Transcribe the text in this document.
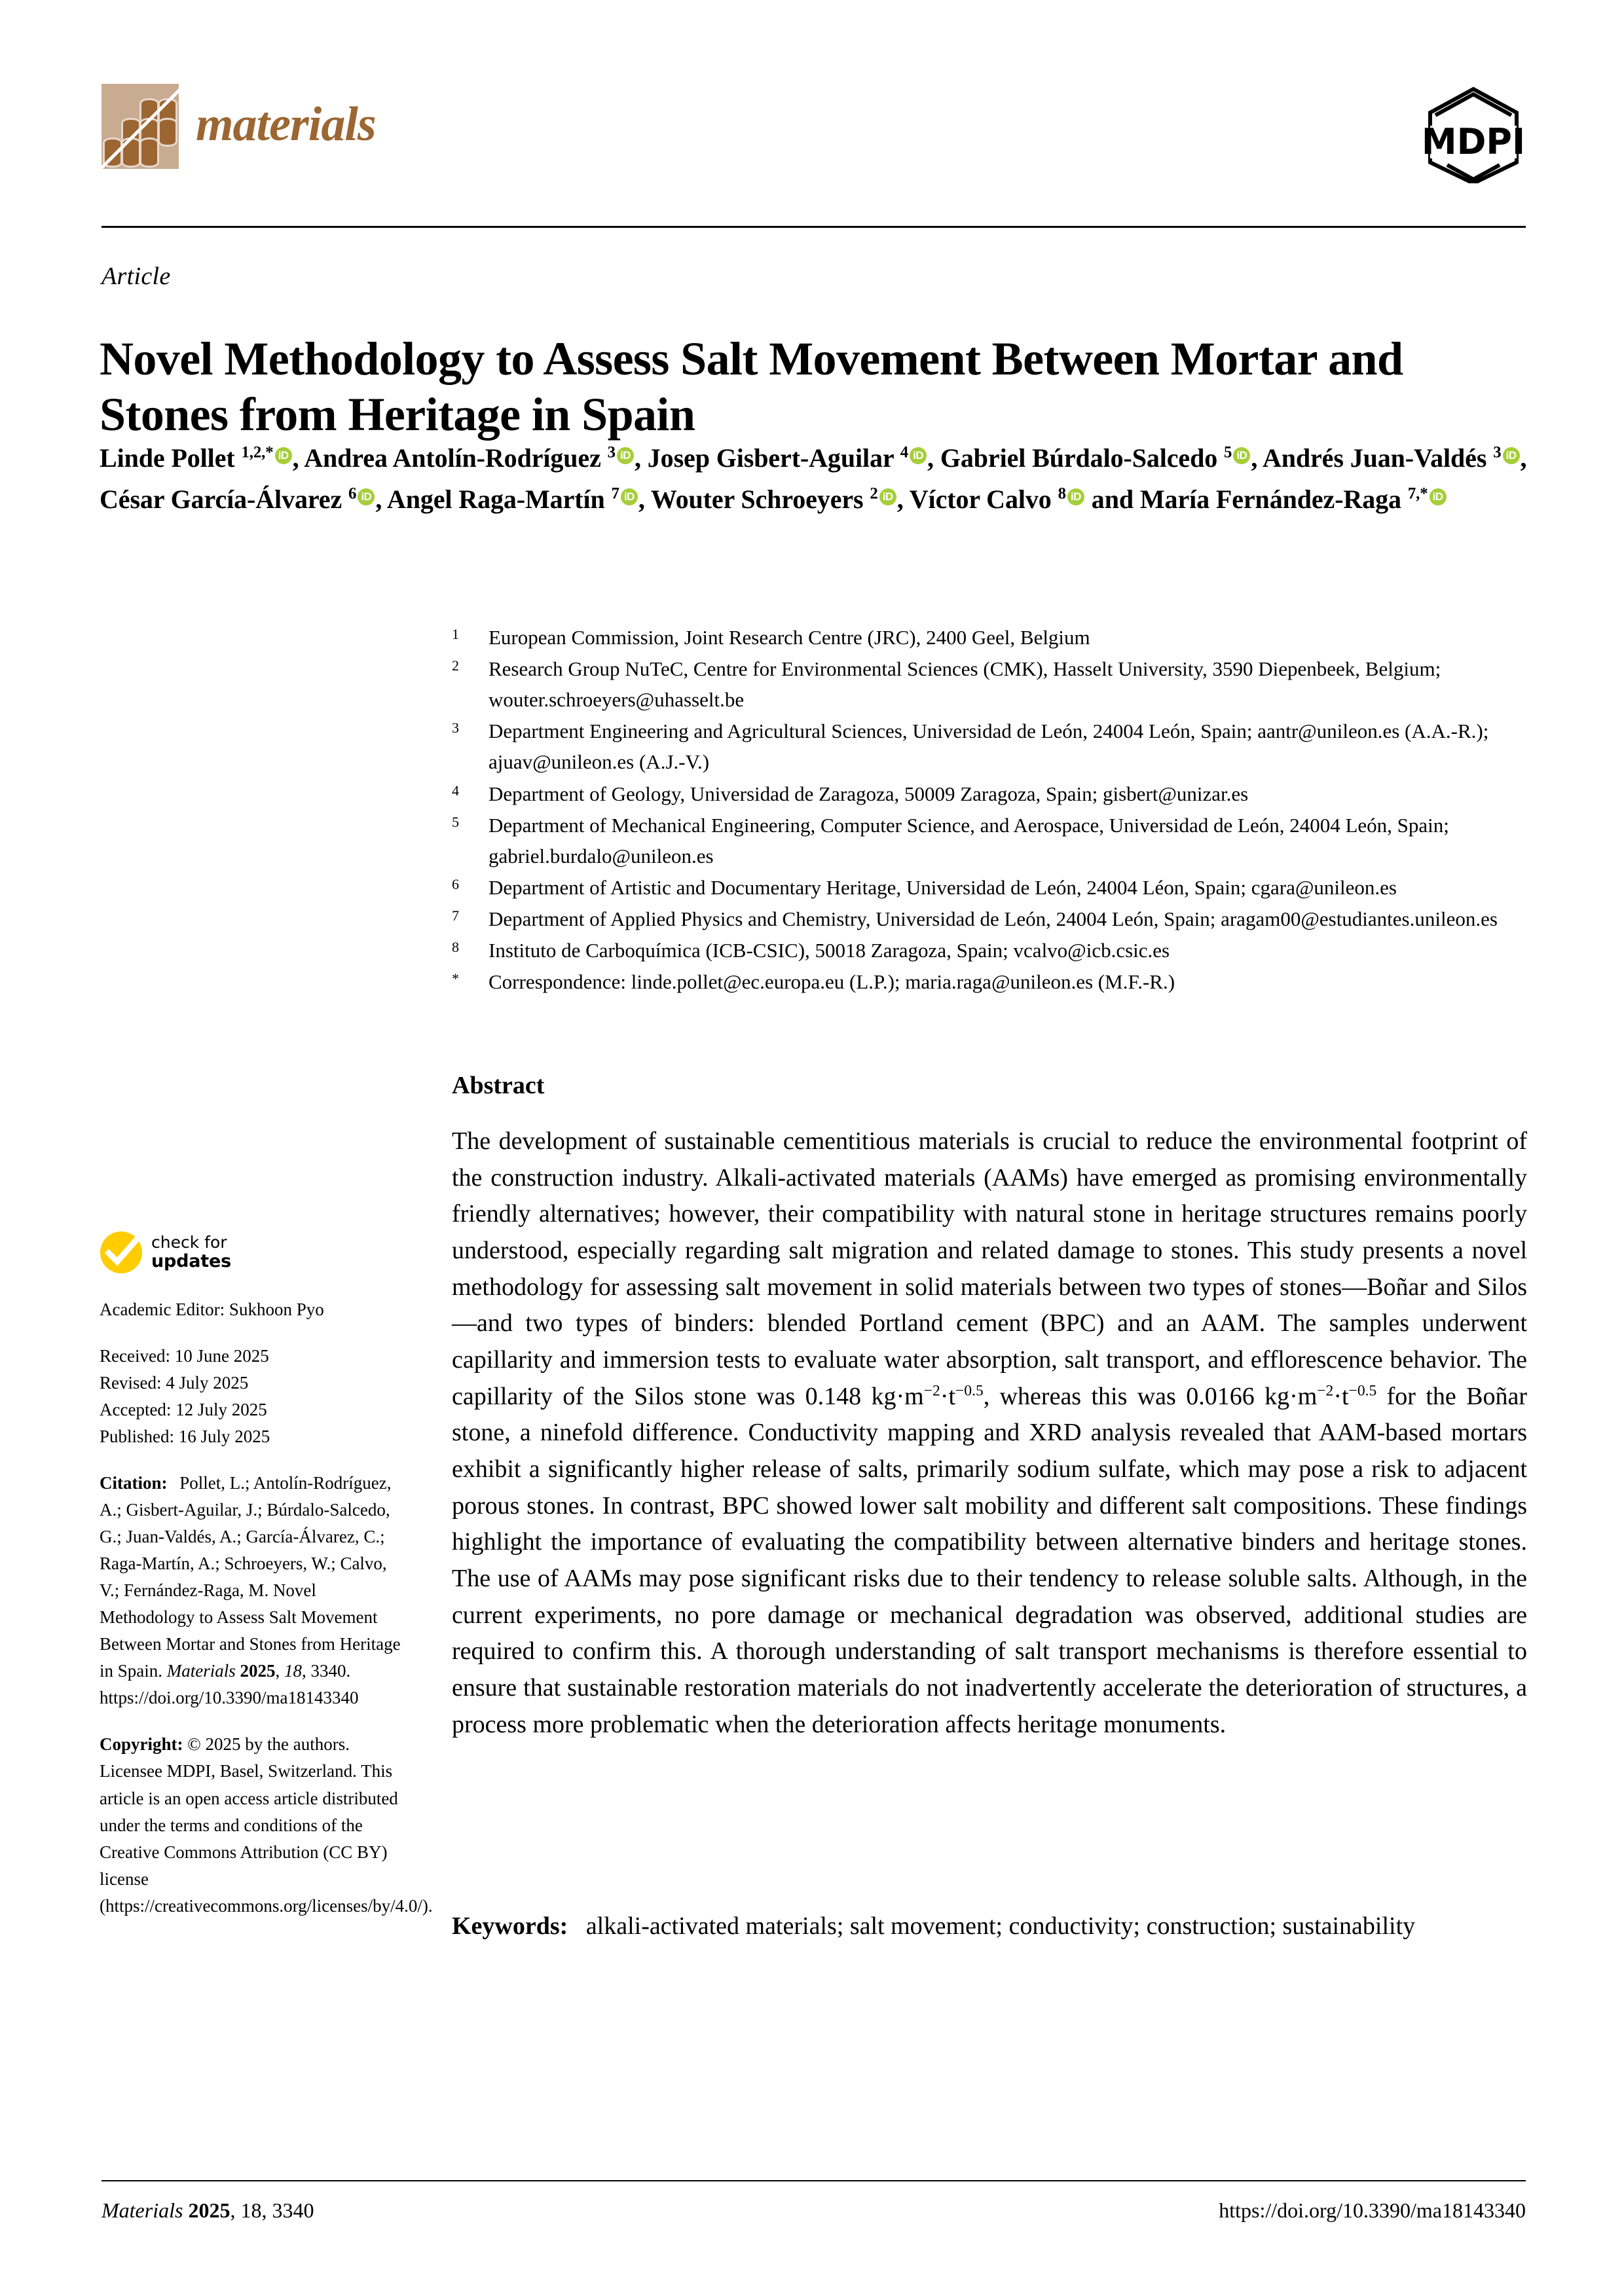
materials	MDPI
Article
Novel Methodology to Assess Salt Movement Between Mortar and Stones from Heritage in Spain
Linde Pollet $^{1,2,*}$ iD , Andrea Antolín-Rodríguez $^3$ iD , Josep Gisbert-Aguilar $^4$ iD , Gabriel Búrdalo-Salcedo $^5$ iD , Andrés Juan-Valdés $^3$ iD , César García-Álvarez $^6$ iD , Angel Raga-Martín $^7$ iD , Wouter Schroeyers $^2$ iD , Víctor Calvo $^8$ iD and María Fernández-Raga $^{7,*}$ iD
1	European Commission, Joint Research Centre (JRC), 2400 Geel, Belgium
2	Research Group NuTeC, Centre for Environmental Sciences (CMK), Hasselt University, 3590 Diepenbeek, Belgium; wouter.schroeyers@uhasselt.be
3	Department Engineering and Agricultural Sciences, Universidad de León, 24004 León, Spain; aantr@unileon.es (A.A.-R.); ajuav@unileon.es (A.J.-V.)
4	Department of Geology, Universidad de Zaragoza, 50009 Zaragoza, Spain; gisbert@unizar.es
5	Department of Mechanical Engineering, Computer Science, and Aerospace, Universidad de León, 24004 León, Spain; gabriel.burdalo@unileon.es
6	Department of Artistic and Documentary Heritage, Universidad de León, 24004 Léon, Spain; cgara@unileon.es
7	Department of Applied Physics and Chemistry, Universidad de León, 24004 León, Spain; aragam00@estudiantes.unileon.es
8	Instituto de Carboquímica (ICB-CSIC), 50018 Zaragoza, Spain; vcalvo@icb.csic.es
*	Correspondence: linde.pollet@ec.europa.eu (L.P.); maria.raga@unileon.es (M.F.-R.)
Abstract
The development of sustainable cementitious materials is crucial to reduce the environmental footprint of the construction industry. Alkali-activated materials (AAMs) have emerged as promising environmentally friendly alternatives; however, their compatibility with natural stone in heritage structures remains poorly understood, especially regarding salt migration and related damage to stones. This study presents a novel methodology for assessing salt movement in solid materials between two types of stones—Boñar and Silos—and two types of binders: blended Portland cement (BPC) and an AAM. The samples underwent capillarity and immersion tests to evaluate water absorption, salt transport, and efflorescence behavior. The capillarity of the Silos stone was 0.148 $kg\cdot m^{-2}\cdot t^{-0.5}$, whereas this was 0.0166 $kg\cdot m^{-2}\cdot t^{-0.5}$ for the Boñar stone, a ninefold difference. Conductivity mapping and XRD analysis revealed that AAM-based mortars exhibit a significantly higher release of salts, primarily sodium sulfate, which may pose a risk to adjacent porous stones. In contrast, BPC showed lower salt mobility and different salt compositions. These findings highlight the importance of evaluating the compatibility between alternative binders and heritage stones. The use of AAMs may pose significant risks due to their tendency to release soluble salts. Although, in the current experiments, no pore damage or mechanical degradation was observed, additional studies are required to confirm this. A thorough understanding of salt transport mechanisms is therefore essential to ensure that sustainable restoration materials do not inadvertently accelerate the deterioration of structures, a process more problematic when the deterioration affects heritage monuments.
Keywords: alkali-activated materials; salt movement; conductivity; construction; sustainability
check for
updates
Academic Editor: Sukhoon Pyo
Received: 10 June 2025
Revised: 4 July 2025
Accepted: 12 July 2025
Published: 16 July 2025
Citation: Pollet, L.; Antolín-Rodríguez, A.; Gisbert-Aguilar, J.; Búrdalo-Salcedo, G.; Juan-Valdés, A.; García-Álvarez, C.; Raga-Martín, A.; Schroeyers, W.; Calvo, V.; Fernández-Raga, M. Novel Methodology to Assess Salt Movement Between Mortar and Stones from Heritage in Spain. Materials 2025, 18, 3340. https://doi.org/10.3390/ma18143340
Copyright: © 2025 by the authors. Licensee MDPI, Basel, Switzerland. This article is an open access article distributed under the terms and conditions of the Creative Commons Attribution (CC BY) license (https://creativecommons.org/licenses/by/4.0/).
Materials 2025, 18, 3340	https://doi.org/10.3390/ma18143340
